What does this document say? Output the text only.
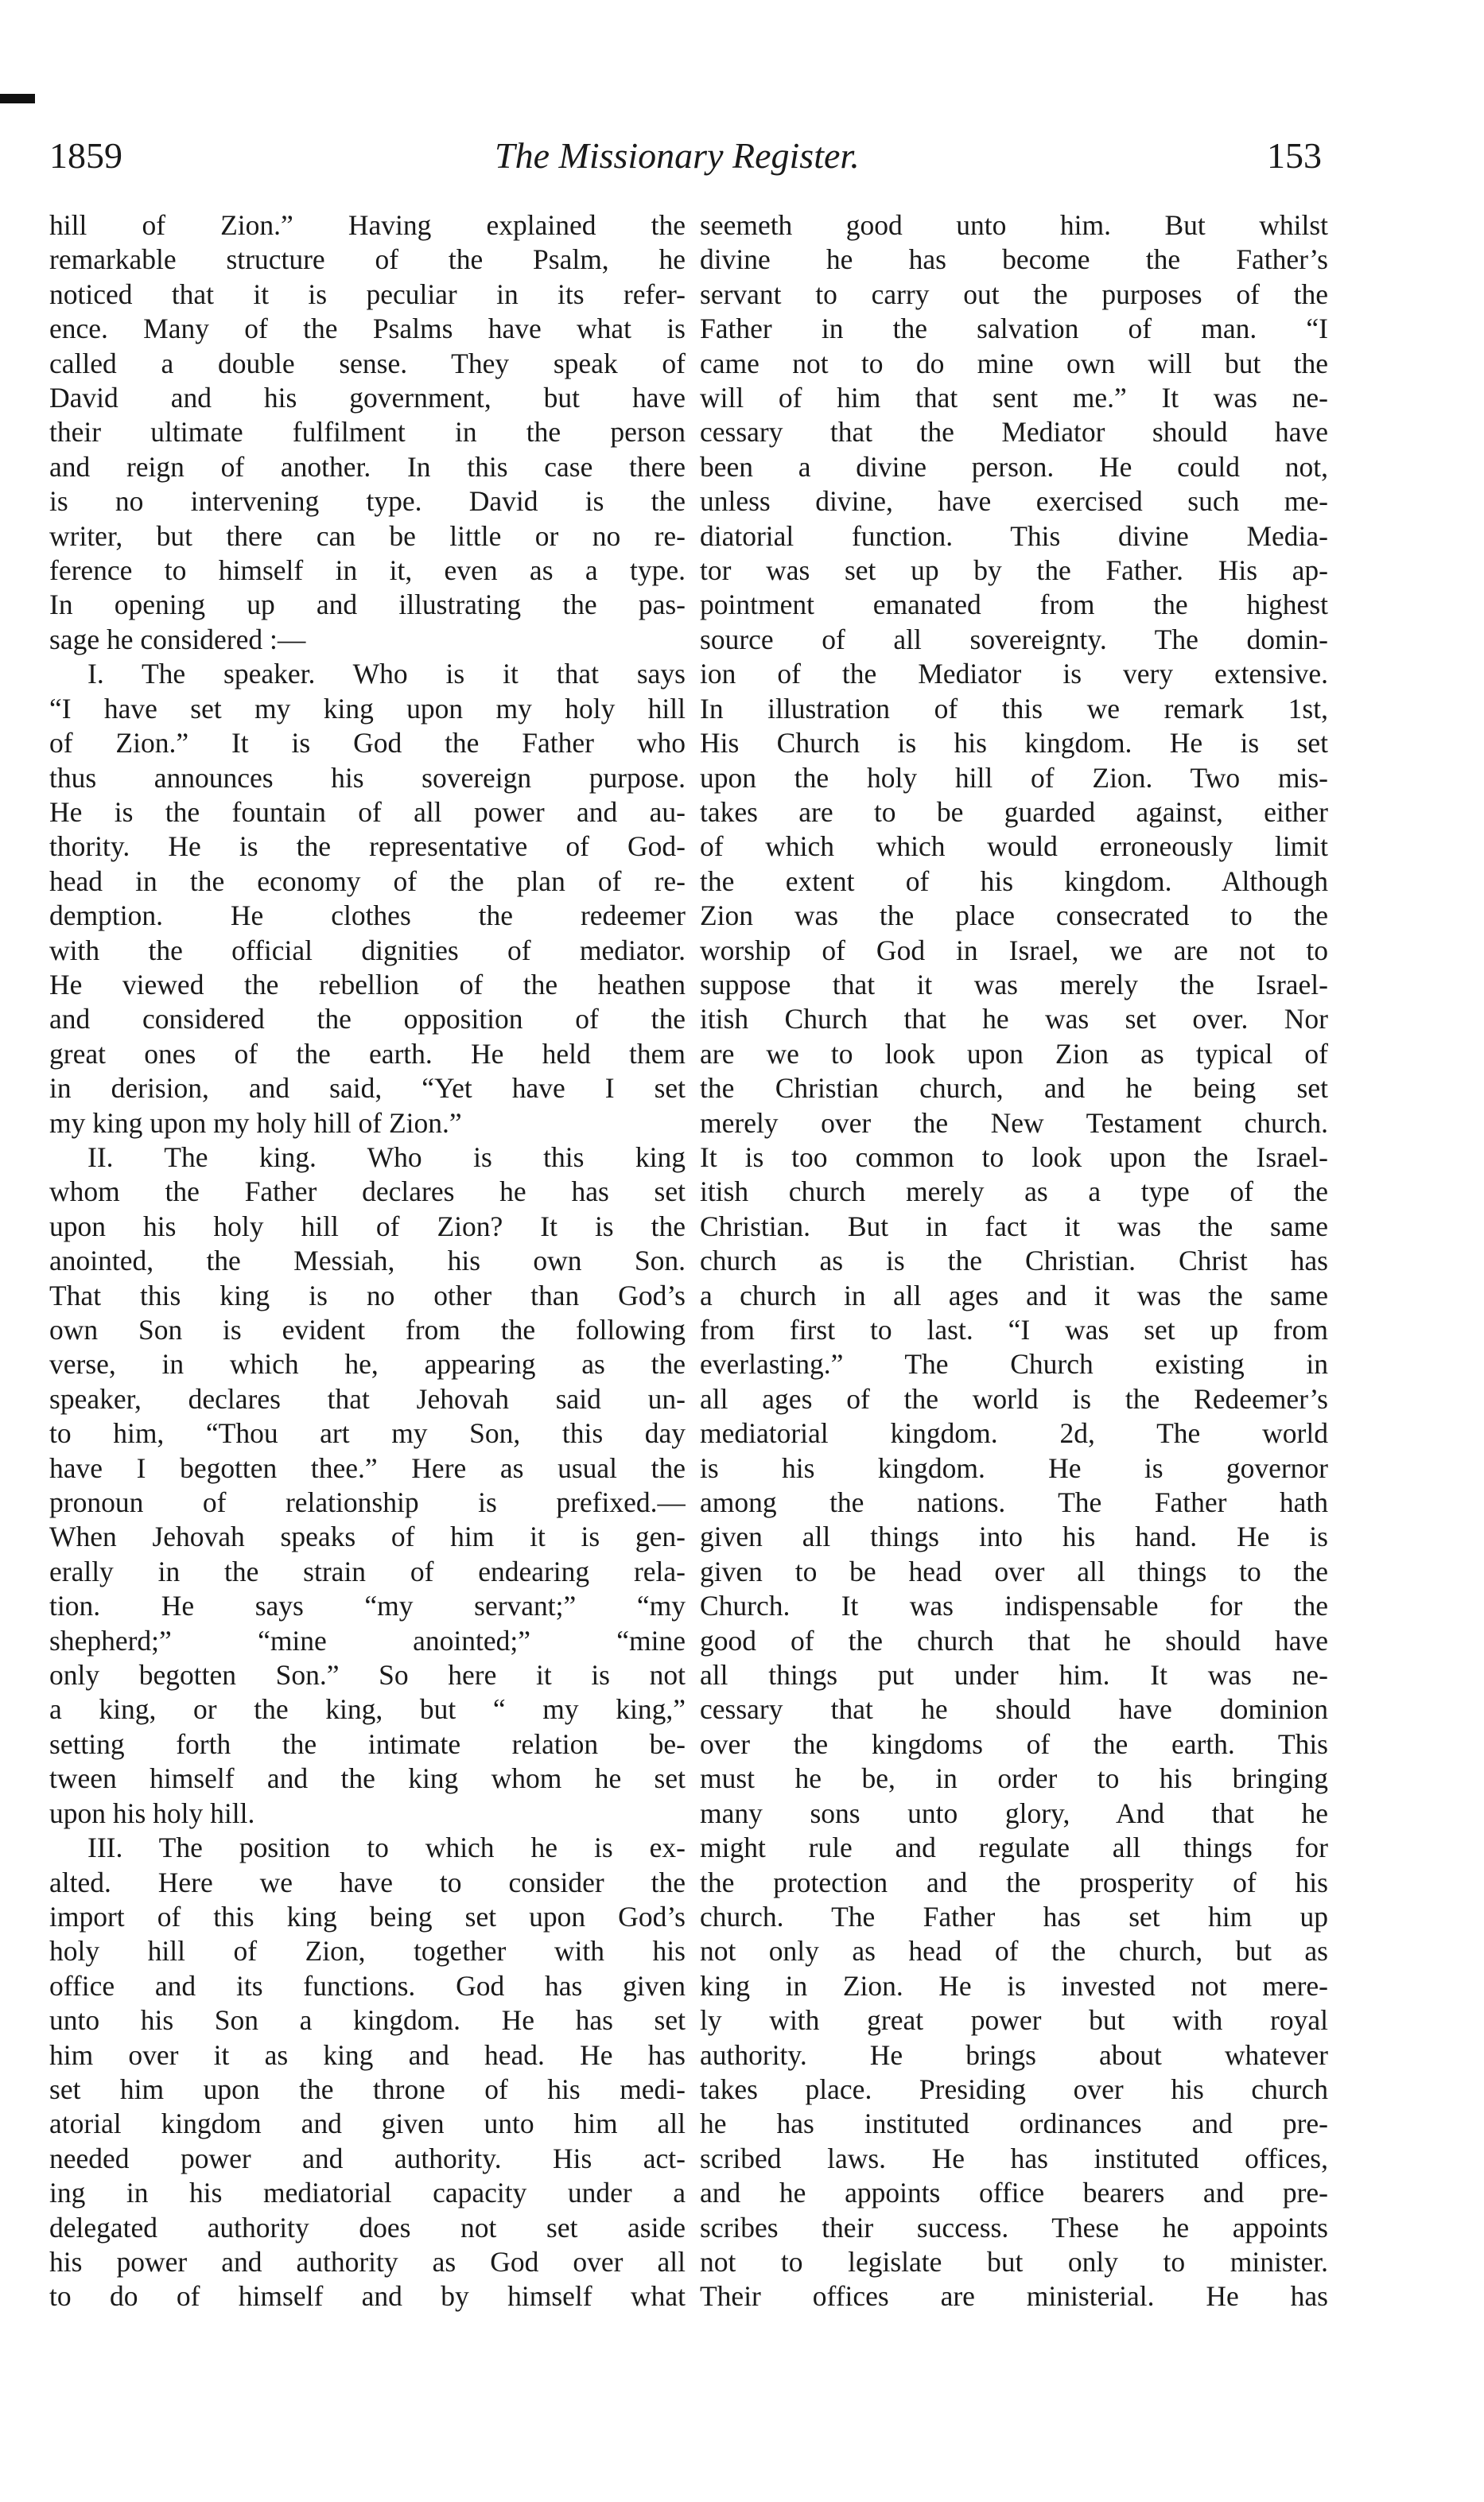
1859	The Missionary Register.	153
hill of Zion.” Having explained the
remarkable structure of the Psalm, he
noticed that it is peculiar in its refer-
ence. Many of the Psalms have what is
called a double sense. They speak of
David and his government, but have
their ultimate fulfilment in the person
and reign of another. In this case there
is no intervening type. David is the
writer, but there can be little or no re-
ference to himself in it, even as a type.
In opening up and illustrating the pas-
sage he considered :—
I. The speaker. Who is it that says
“I have set my king upon my holy hill
of Zion.” It is God the Father who
thus announces his sovereign purpose.
He is the fountain of all power and au-
thority. He is the representative of God-
head in the economy of the plan of re-
demption. He clothes the redeemer
with the official dignities of mediator.
He viewed the rebellion of the heathen
and considered the opposition of the
great ones of the earth. He held them
in derision, and said, “Yet have I set
my king upon my holy hill of Zion.”
II. The king. Who is this king
whom the Father declares he has set
upon his holy hill of Zion? It is the
anointed, the Messiah, his own Son.
That this king is no other than God’s
own Son is evident from the following
verse, in which he, appearing as the
speaker, declares that Jehovah said un-
to him, “Thou art my Son, this day
have I begotten thee.” Here as usual the
pronoun of relationship is prefixed.—
When Jehovah speaks of him it is gen-
erally in the strain of endearing rela-
tion. He says “my servant;” “my
shepherd;” “mine anointed;” “mine
only begotten Son.” So here it is not
a king, or the king, but “ my king,”
setting forth the intimate relation be-
tween himself and the king whom he set
upon his holy hill.
III. The position to which he is ex-
alted. Here we have to consider the
import of this king being set upon God’s
holy hill of Zion, together with his
office and its functions. God has given
unto his Son a kingdom. He has set
him over it as king and head. He has
set him upon the throne of his medi-
atorial kingdom and given unto him all
needed power and authority. His act-
ing in his mediatorial capacity under a
delegated authority does not set aside
his power and authority as God over all
to do of himself and by himself what
seemeth good unto him. But whilst
divine he has become the Father’s
servant to carry out the purposes of the
Father in the salvation of man. “I
came not to do mine own will but the
will of him that sent me.” It was ne-
cessary that the Mediator should have
been a divine person. He could not,
unless divine, have exercised such me-
diatorial function. This divine Media-
tor was set up by the Father. His ap-
pointment emanated from the highest
source of all sovereignty. The domin-
ion of the Mediator is very extensive.
In illustration of this we remark 1st,
His Church is his kingdom. He is set
upon the holy hill of Zion. Two mis-
takes are to be guarded against, either
of which which would erroneously limit
the extent of his kingdom. Although
Zion was the place consecrated to the
worship of God in Israel, we are not to
suppose that it was merely the Israel-
itish Church that he was set over. Nor
are we to look upon Zion as typical of
the Christian church, and he being set
merely over the New Testament church.
It is too common to look upon the Israel-
itish church merely as a type of the
Christian. But in fact it was the same
church as is the Christian. Christ has
a church in all ages and it was the same
from first to last. “I was set up from
everlasting.” The Church existing in
all ages of the world is the Redeemer’s
mediatorial kingdom. 2d, The world
is his kingdom. He is governor
among the nations. The Father hath
given all things into his hand. He is
given to be head over all things to the
Church. It was indispensable for the
good of the church that he should have
all things put under him. It was ne-
cessary that he should have dominion
over the kingdoms of the earth. This
must he be, in order to his bringing
many sons unto glory, And that he
might rule and regulate all things for
the protection and the prosperity of his
church. The Father has set him up
not only as head of the church, but as
king in Zion. He is invested not mere-
ly with great power but with royal
authority. He brings about whatever
takes place. Presiding over his church
he has instituted ordinances and pre-
scribed laws. He has instituted offices,
and he appoints office bearers and pre-
scribes their success. These he appoints
not to legislate but only to minister.
Their offices are ministerial. He has
